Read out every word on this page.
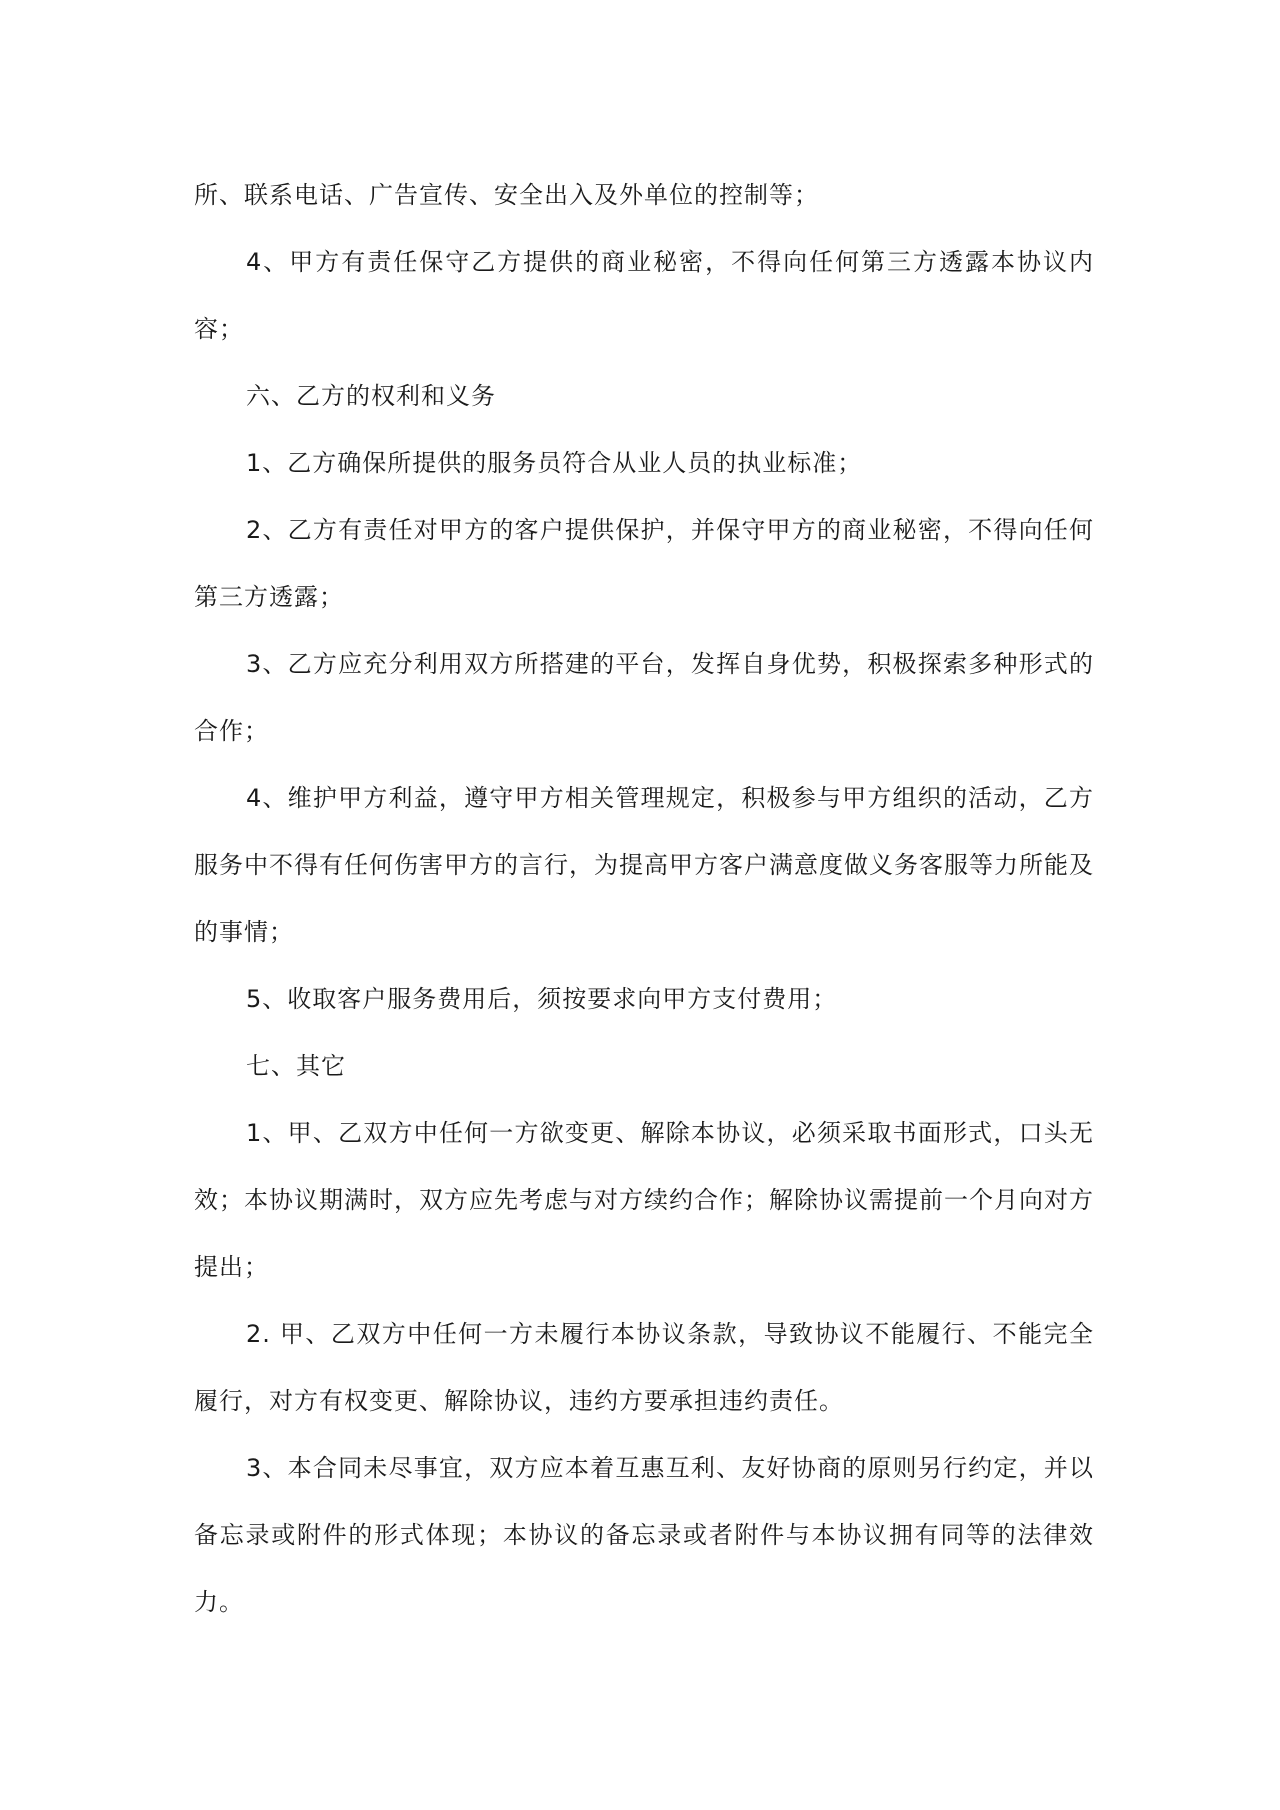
所、联系电话、广告宣传、安全出入及外单位的控制等；

4、甲方有责任保守乙方提供的商业秘密，不得向任何第三方透露本协议内容；

六、乙方的权利和义务

1、乙方确保所提供的服务员符合从业人员的执业标准；

2、乙方有责任对甲方的客户提供保护，并保守甲方的商业秘密，不得向任何第三方透露；

3、乙方应充分利用双方所搭建的平台，发挥自身优势，积极探索多种形式的合作；

4、维护甲方利益，遵守甲方相关管理规定，积极参与甲方组织的活动，乙方服务中不得有任何伤害甲方的言行，为提高甲方客户满意度做义务客服等力所能及的事情；

5、收取客户服务费用后，须按要求向甲方支付费用；

七、其它

1、甲、乙双方中任何一方欲变更、解除本协议，必须采取书面形式，口头无效；本协议期满时，双方应先考虑与对方续约合作；解除协议需提前一个月向对方提出；

2. 甲、乙双方中任何一方未履行本协议条款，导致协议不能履行、不能完全履行，对方有权变更、解除协议，违约方要承担违约责任。

3、本合同未尽事宜，双方应本着互惠互利、友好协商的原则另行约定，并以备忘录或附件的形式体现；本协议的备忘录或者附件与本协议拥有同等的法律效力。
